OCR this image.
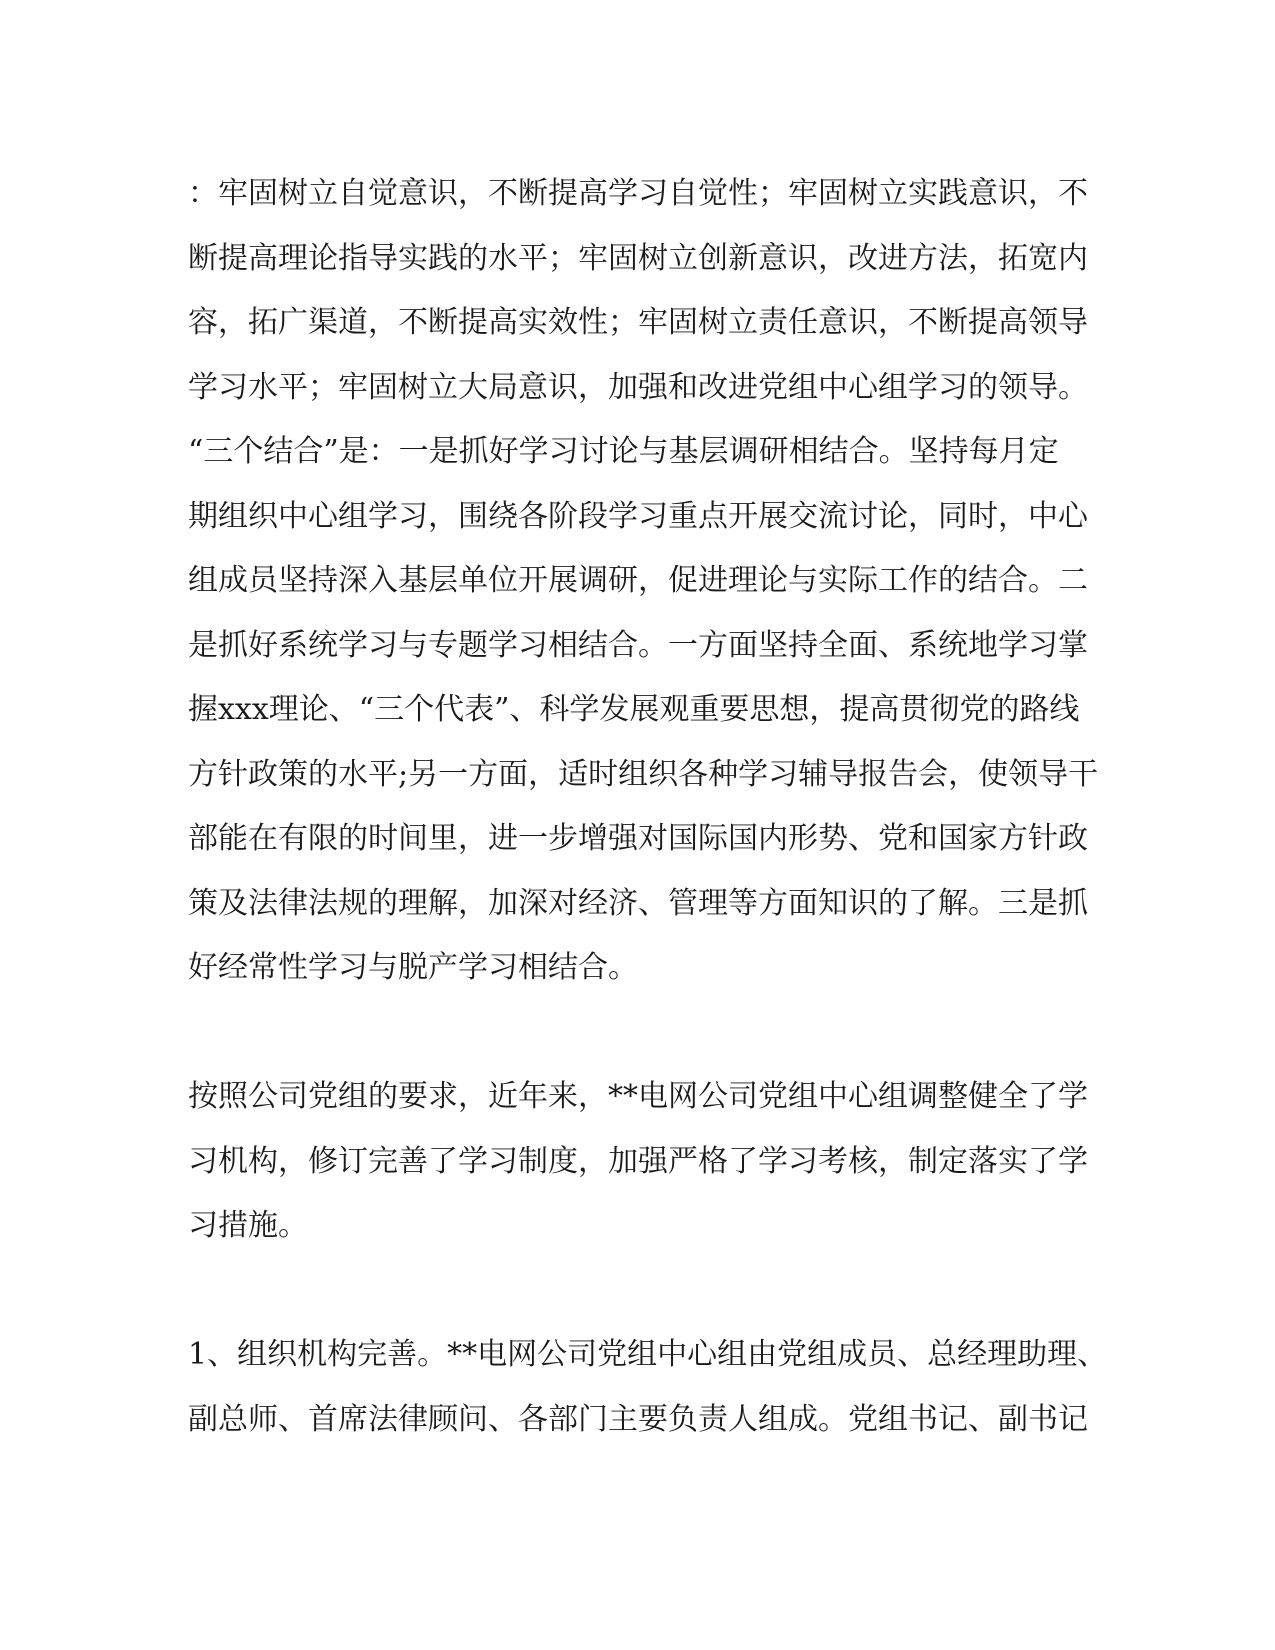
：牢固树立自觉意识，不断提高学习自觉性；牢固树立实践意识，不
断提高理论指导实践的水平；牢固树立创新意识，改进方法，拓宽内
容，拓广渠道，不断提高实效性；牢固树立责任意识，不断提高领导
学习水平；牢固树立大局意识，加强和改进党组中心组学习的领导。
“三个结合”是：一是抓好学习讨论与基层调研相结合。坚持每月定
期组织中心组学习，围绕各阶段学习重点开展交流讨论，同时，中心
组成员坚持深入基层单位开展调研，促进理论与实际工作的结合。二
是抓好系统学习与专题学习相结合。一方面坚持全面、系统地学习掌
握xxx理论、“三个代表”、科学发展观重要思想，提高贯彻党的路线
方针政策的水平;另一方面，适时组织各种学习辅导报告会，使领导干
部能在有限的时间里，进一步增强对国际国内形势、党和国家方针政
策及法律法规的理解，加深对经济、管理等方面知识的了解。三是抓
好经常性学习与脱产学习相结合。
按照公司党组的要求，近年来，**电网公司党组中心组调整健全了学
习机构，修订完善了学习制度，加强严格了学习考核，制定落实了学
习措施。
1、组织机构完善。**电网公司党组中心组由党组成员、总经理助理、
副总师、首席法律顾问、各部门主要负责人组成。党组书记、副书记
